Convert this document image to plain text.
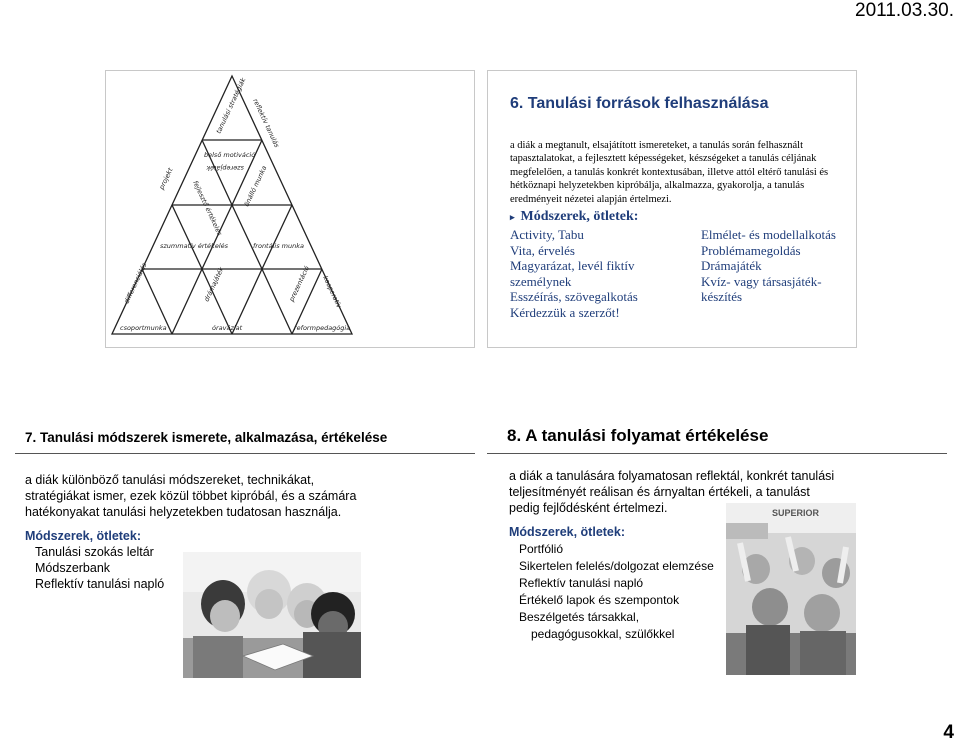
2011.03.30.
tanulási stratégiák
belső motiváció
reflektív tanulás
szerepjáték
szummatív értékelés
fejlesztő értékelés
frontális munka
önálló munka
differenciálás	kooperatív
projekt
drámajáték	prezentáció
csoportmunka	óravázlat	reformpedagógia
6. Tanulási források felhasználása
a diák a megtanult, elsajátított ismereteket, a tanulás során felhasznált tapasztalatokat, a fejlesztett képességeket, készségeket a tanulás céljának megfelelően, a tanulás konkrét kontextusában, illetve attól eltérő tanulási és hétköznapi helyzetekben kipróbálja, alkalmazza, gyakorolja, a tanulás eredményeit nézetei alapján értelmezi.
▸ Módszerek, ötletek:
Activity, Tabu
Vita, érvelés
Magyarázat, levél fiktív személynek
Esszéírás, szövegalkotás
Kérdezzük a szerzőt!
Elmélet- és modellalkotás
Problémamegoldás
Drámajáték
Kvíz- vagy társasjáték-készítés
7. Tanulási módszerek ismerete, alkalmazása, értékelése
a diák különböző tanulási módszereket, technikákat, stratégiákat ismer, ezek közül többet kipróbál, és a számára hatékonyakat tanulási helyzetekben tudatosan használja.
Módszerek, ötletek:
Tanulási szokás leltár
Módszerbank
Reflektív tanulási napló
8. A tanulási folyamat értékelése
a diák a tanulására folyamatosan reflektál, konkrét tanulási teljesítményét reálisan és árnyaltan értékeli, a tanulást pedig fejlődésként értelmezi.
Módszerek, ötletek:
Portfólió
Sikertelen felelés/dolgozat elemzése
Reflektív tanulási napló
Értékelő lapok és szempontok
Beszélgetés társakkal,
pedagógusokkal, szülőkkel
SUPERIOR
4
